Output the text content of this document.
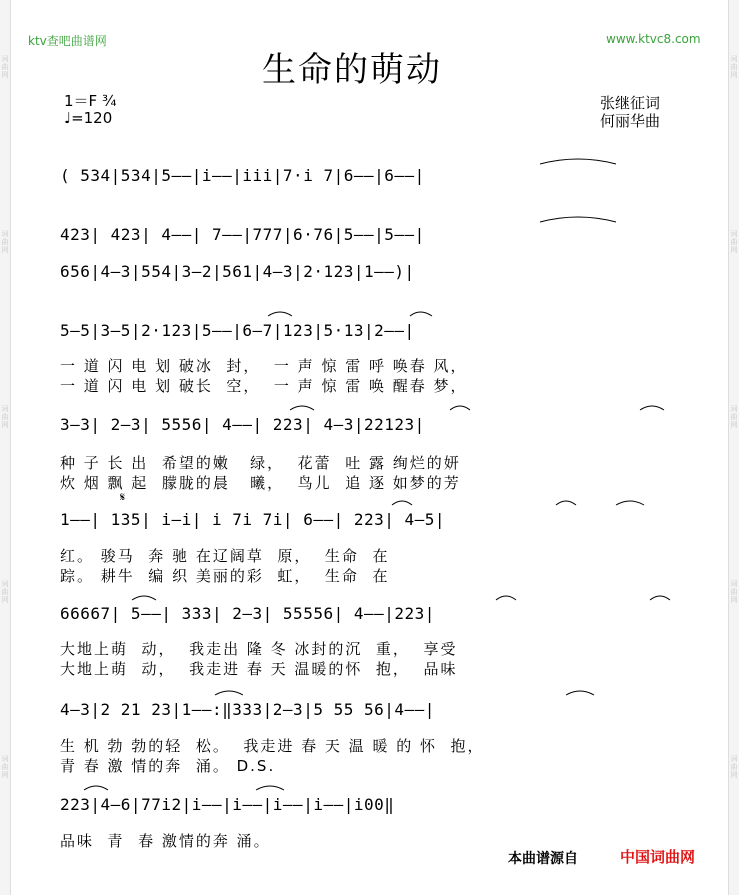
词曲网
词曲网
词曲网
词曲网
词曲网
词曲网
词曲网
词曲网
词曲网
词曲网
ktv查吧曲谱网	www.ktvc8.com
生命的萌动
1＝F ¾
♩=120
张继征词
何丽华曲
( 534|534|5——|i——|iii|7·i 7|6——|6——|
423| 423| 4——| 7——|777|6·76|5——|5——|
656|4—3|554|3—2|561|4—3|2·123|1——)|
5—5|3—5|2·123|5——|6—7|123|5·13|2——|
一 道 闪 电 划 破冰  封，  一 声 惊 雷 呼 唤春 风，
一 道 闪 电 划 破长  空，  一 声 惊 雷 唤 醒春 梦，
3—3| 2—3| 5556| 4——| 223| 4—3|22123|
种 子 长 出  希望的嫩   绿，  花蕾  吐 露 绚烂的妍
炊 烟 飘 起  朦胧的晨   曦，  鸟儿  追 逐 如梦的芳
𝄋
1——| 135| i—i| i 7i 7i| 6——| 223| 4—5|
红。 骏马  奔 驰 在辽阔草  原，  生命  在
踪。 耕牛  编 织 美丽的彩  虹，  生命  在
66667| 5——| 333| 2—3| 55556| 4——|223|
大地上萌  动，  我走出 隆 冬 冰封的沉  重，  享受
大地上萌  动，  我走进 春 天 温暖的怀  抱，  品味
4—3|2 21 23|1——:‖333|2—3|5 55 56|4——|
生 机 勃 勃的轻  松。  我走进 春 天 温 暖 的 怀  抱，
青 春 激 情的奔  涌。 D.S.
223|4—6|77i2|i——|i——|i——|i——|i00‖
品味  青  春 激情的奔 涌。
本曲谱源自	中国词曲网
